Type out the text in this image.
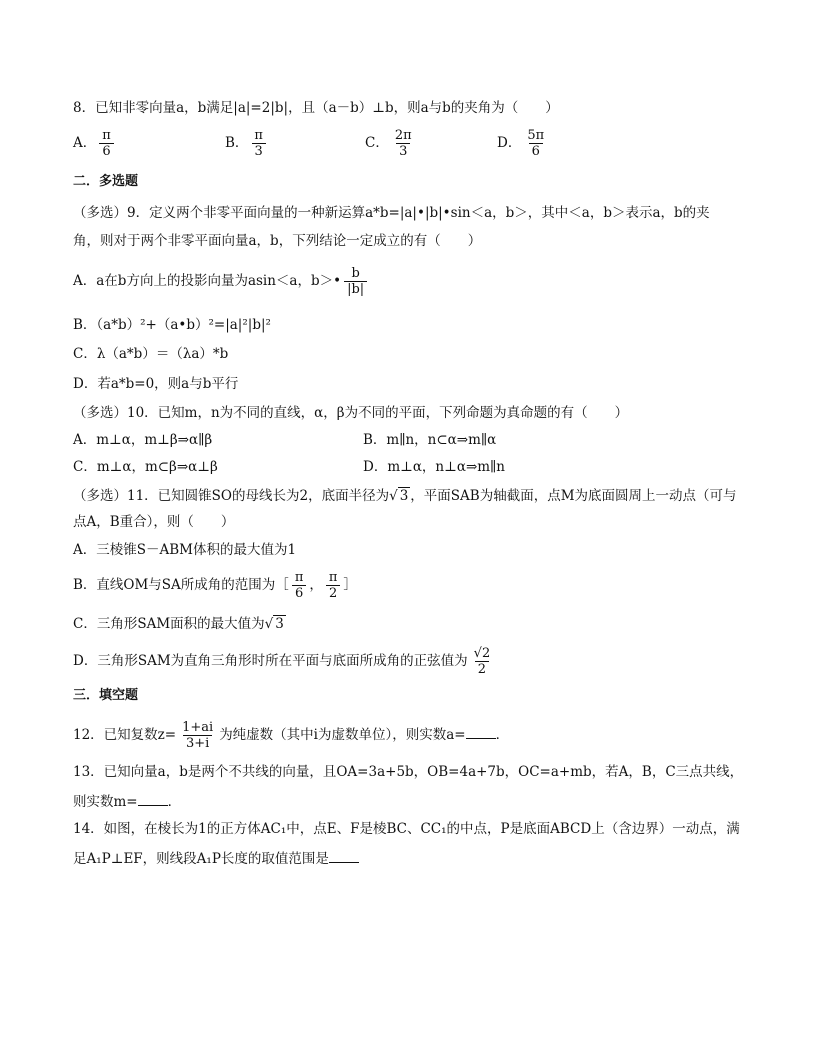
8．已知非零向量a，b满足|a|=2|b|，且（a－b）⊥b，则a与b的夹角为（　　）
A． $\frac{\pi}{6}$	B． $\frac{\pi}{3}$	C． $\frac{2\pi}{3}$	D． $\frac{5\pi}{6}$
二．多选题
（多选）9．定义两个非零平面向量的一种新运算a*b=|a|•|b|•sin＜a，b＞，其中＜a，b＞表示a，b的夹
角，则对于两个非零平面向量a，b，下列结论一定成立的有（　　）
A．a在b方向上的投影向量为asin＜a，b＞• $\frac{b}{|b|}$
B．（a*b）²+（a•b）²=|a|²|b|²
C．λ（a*b）＝（λa）*b
D．若a*b=0，则a与b平行
（多选）10．已知m，n为不同的直线，α，β为不同的平面，下列命题为真命题的有（　　）
A．m⊥α，m⊥β⇒α∥β	B．m∥n，n⊂α⇒m∥α
C．m⊥α，m⊂β⇒α⊥β	D．m⊥α，n⊥α⇒m∥n
（多选）11．已知圆锥SO的母线长为2，底面半径为√ 3 ，平面SAB为轴截面，点M为底面圆周上一动点（可与
点A，B重合），则（　　）
A．三棱锥S－ABM体积的最大值为1
B．直线OM与SA所成角的范围为［ $\frac{\pi}{6}$ ， $\frac{\pi}{2}$ ］
C．三角形SAM面积的最大值为√ 3
D．三角形SAM为直角三角形时所在平面与底面所成角的正弦值为 $\frac{√2}{2}$
三．填空题
12．已知复数$z= \frac{1+ai}{3+i}$ 为纯虚数（其中i为虚数单位），则实数a= ．
13．已知向量a，b是两个不共线的向量，且OA=3a+5b，OB=4a+7b，OC=a+mb，若A，B，C三点共线，
则实数m= ．
14．如图，在棱长为1的正方体AC₁中，点E、F是棱BC、CC₁的中点，P是底面ABCD上（含边界）一动点，满
足A₁P⊥EF，则线段A₁P长度的取值范围是
